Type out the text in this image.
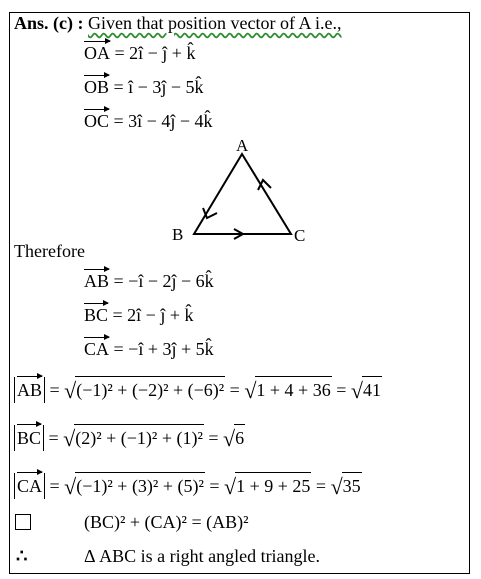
Ans. (c) : Given that position vector of A i.e.,
OA = 2î − ĵ + k̂
OB = î − 3ĵ − 5k̂
OC = 3î − 4ĵ − 4k̂
A
B	C
Therefore
AB = −î − 2ĵ − 6k̂
BC = 2î − ĵ + k̂
CA = −î + 3ĵ + 5k̂
AB = √(−1)² + (−2)² + (−6)² = √1 + 4 + 36 = √41
BC = √(2)² + (−1)² + (1)² = √6
CA = √(−1)² + (3)² + (5)² = √1 + 9 + 25 = √35
(BC)² + (CA)² = (AB)²
∴	Δ ABC is a right angled triangle.
